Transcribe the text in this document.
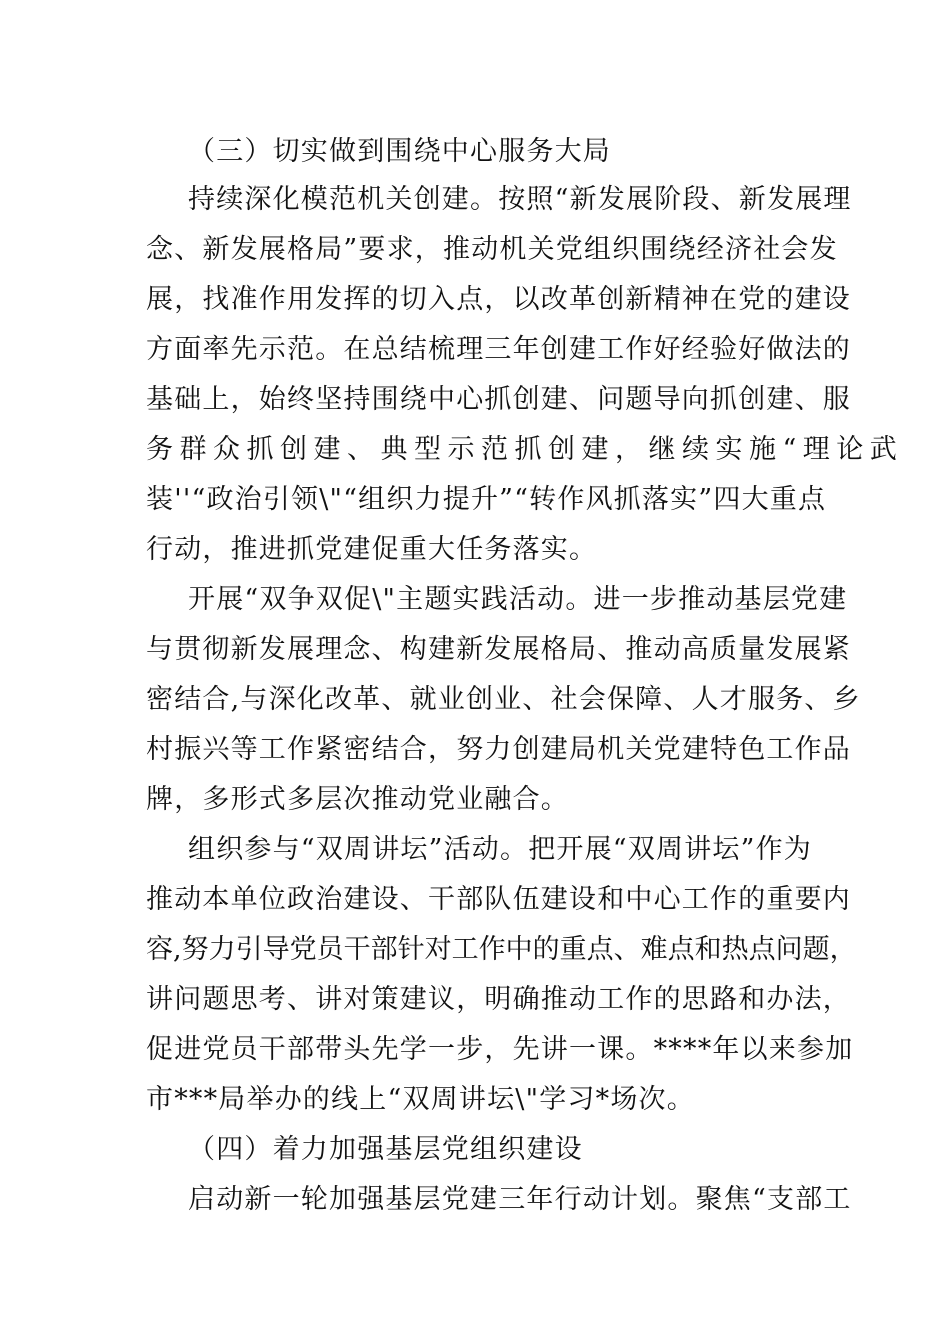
（三）切实做到围绕中心服务大局
持续深化模范机关创建。按照“新发展阶段、新发展理
念、新发展格局”要求，推动机关党组织围绕经济社会发
展，找准作用发挥的切入点，以改革创新精神在党的建设
方面率先示范。在总结梳理三年创建工作好经验好做法的
基础上，始终坚持围绕中心抓创建、问题导向抓创建、服
务群众抓创建、典型示范抓创建，继续实施“理论武
装''“政治引领\"“组织力提升”“转作风抓落实”四大重点
行动，推进抓党建促重大任务落实。
开展“双争双促\"主题实践活动。进一步推动基层党建
与贯彻新发展理念、构建新发展格局、推动高质量发展紧
密结合,与深化改革、就业创业、社会保障、人才服务、乡
村振兴等工作紧密结合，努力创建局机关党建特色工作品
牌，多形式多层次推动党业融合。
组织参与“双周讲坛”活动。把开展“双周讲坛”作为
推动本单位政治建设、干部队伍建设和中心工作的重要内
容,努力引导党员干部针对工作中的重点、难点和热点问题，
讲问题思考、讲对策建议，明确推动工作的思路和办法，
促进党员干部带头先学一步，先讲一课。****年以来参加
市***局举办的线上“双周讲坛\"学习*场次。
（四）着力加强基层党组织建设
启动新一轮加强基层党建三年行动计划。聚焦“支部工
